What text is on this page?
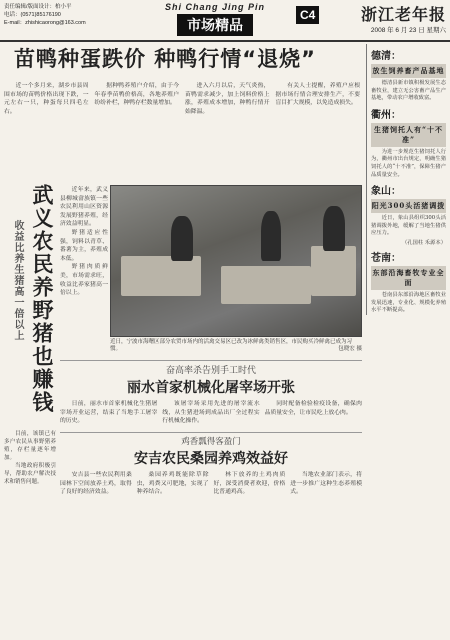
责任编辑/版面设计：柏小平
电话：(0571)85176190
E-mail：zhishicaorong@163.com
Shi Chang Jing Pin
市场精品
C4	浙江老年报
2008 年 6 月 23 日 星期六
苗鸭种蛋跌价 种鸭行情“退烧”

近一个多月来，湖乡市县周围市场的苗鸭价格出现下跌，一元左右一只，种蛋每只四毛左右。

据种鸭养殖户介绍，由于今年春季苗鸭价格高，各地养殖户纷纷补栏，种鸭存栏数量增加。

进入六月以后，天气炎热，苗鸭需求减少，加上饲料价格上涨，养殖成本增加，种鸭行情开始降温。

有关人士提醒，养殖户应根据市场行情合理安排生产，不要盲目扩大规模，以免造成损失。

武义农民养野猪也赚钱
收益比养生猪高一倍以上

近年来，武义县柳城畲族镇一些农民利用山区资源发展野猪养殖，经济效益明显。

野猪适应性强，饲料以青草、番薯为主，养殖成本低。

野猪肉质鲜美，市场需求旺，收益比养家猪高一倍以上。

近日，宁波市海曙区部分农贸市场内的活禽交易区已改为冰鲜禽类销售区，市民购买冷鲜禽已成为习惯。	包晓宏 摄
奋高率杀告别手工时代
丽水首家机械化屠宰场开张

日前，丽水市首家机械化生猪屠宰场开业运营，结束了当地手工屠宰的历史。

该屠宰场采用先进的屠宰流水线，从生猪进场到成品出厂全过程实行机械化操作。

同时配备检验检疫设备，确保肉品质量安全，让市民吃上放心肉。

鸡香瓢得客盈门
安吉农民桑园养鸡效益好

安吉县一些农民利用桑园林下空间放养土鸡，取得了良好的经济效益。

桑园养鸡既能除草除虫，鸡粪又可肥地，实现了种养结合。

林下放养的土鸡肉质好，深受消费者欢迎，价格比普通鸡高。

当地农业部门表示，将进一步推广这种生态养殖模式。

目前，该镇已有多户农民从事野猪养殖，存栏量逐年增加。

当地政府积极引导，帮助农户解决技术和销售问题。

德清：
放生饲养畜产品基地

德清县新市镇积极发展生态畜牧业，建立无公害畜产品生产基地，带动农户增收致富。

衢州：
生猪饲托人有“十不准”

为进一步规范生猪饲托人行为，衢州市出台规定，明确生猪饲托人的“十不准”，保障生猪产品质量安全。

象山：
阳光300头活猪调拨

近日，象山县组织300头活猪调拨外地，缓解了当地生猪供应压力。

（孔国柱 禾源本）
苍南：
东部沿海畜牧专业全面

苍南县东部沿海地区畜牧业发展迅速，专业化、规模化养殖水平不断提高。
